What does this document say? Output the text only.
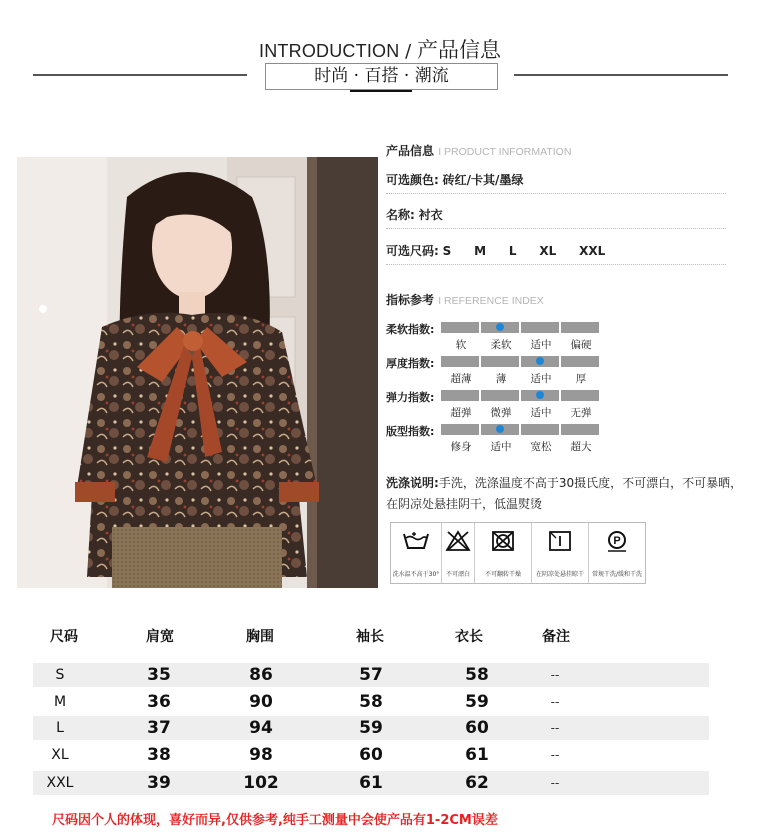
INTRODUCTION / 产品信息
时尚 · 百搭 · 潮流
产品信息 I PRODUCT INFORMATION
可选颜色: 砖红/卡其/墨绿
名称: 衬衣
可选尺码: S M L XL XXL
指标参考 I REFERENCE INDEX
柔软指数:
软	柔软	适中	偏硬
厚度指数:
超薄	薄	适中	厚
弹力指数:
超弹	微弹	适中	无弹
版型指数:
修身	适中	宽松	超大
洗涤说明:手洗，洗涤温度不高于30摄氏度，不可漂白，不可暴晒，在阴凉处悬挂阴干，低温熨烫
洗水温不高于30°	不可漂白	不可翻转干燥	在阴凉处悬挂晾干
P
常规干洗/缓和干洗
尺码	肩宽	胸围	袖长	衣长	备注
S	35	86	57	58	--
M	36	90	58	59	--
L	37	94	59	60	--
XL	38	98	60	61	--
XXL	39	102	61	62	--
尺码因个人的体现，喜好而异,仅供参考,纯手工测量中会使产品有1-2CM误差
